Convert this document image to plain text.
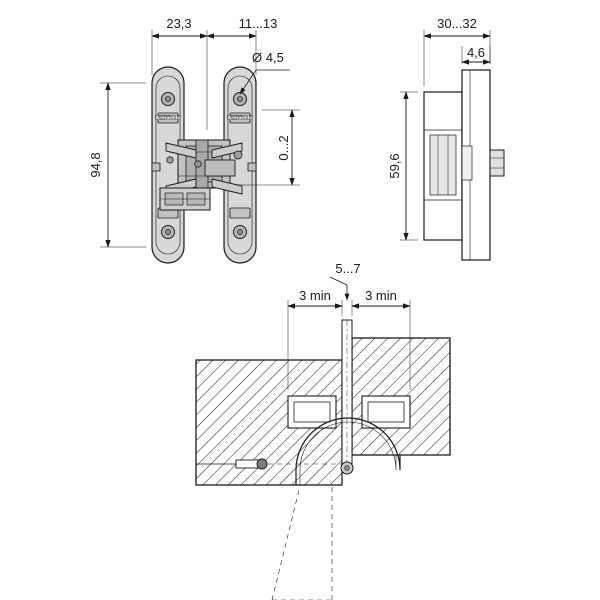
Armadillo	Armadillo
23,3	11...13
Ø 4,5
94,8
0...2
30...32
4,6
59,6
5...7
3 min	3 min
